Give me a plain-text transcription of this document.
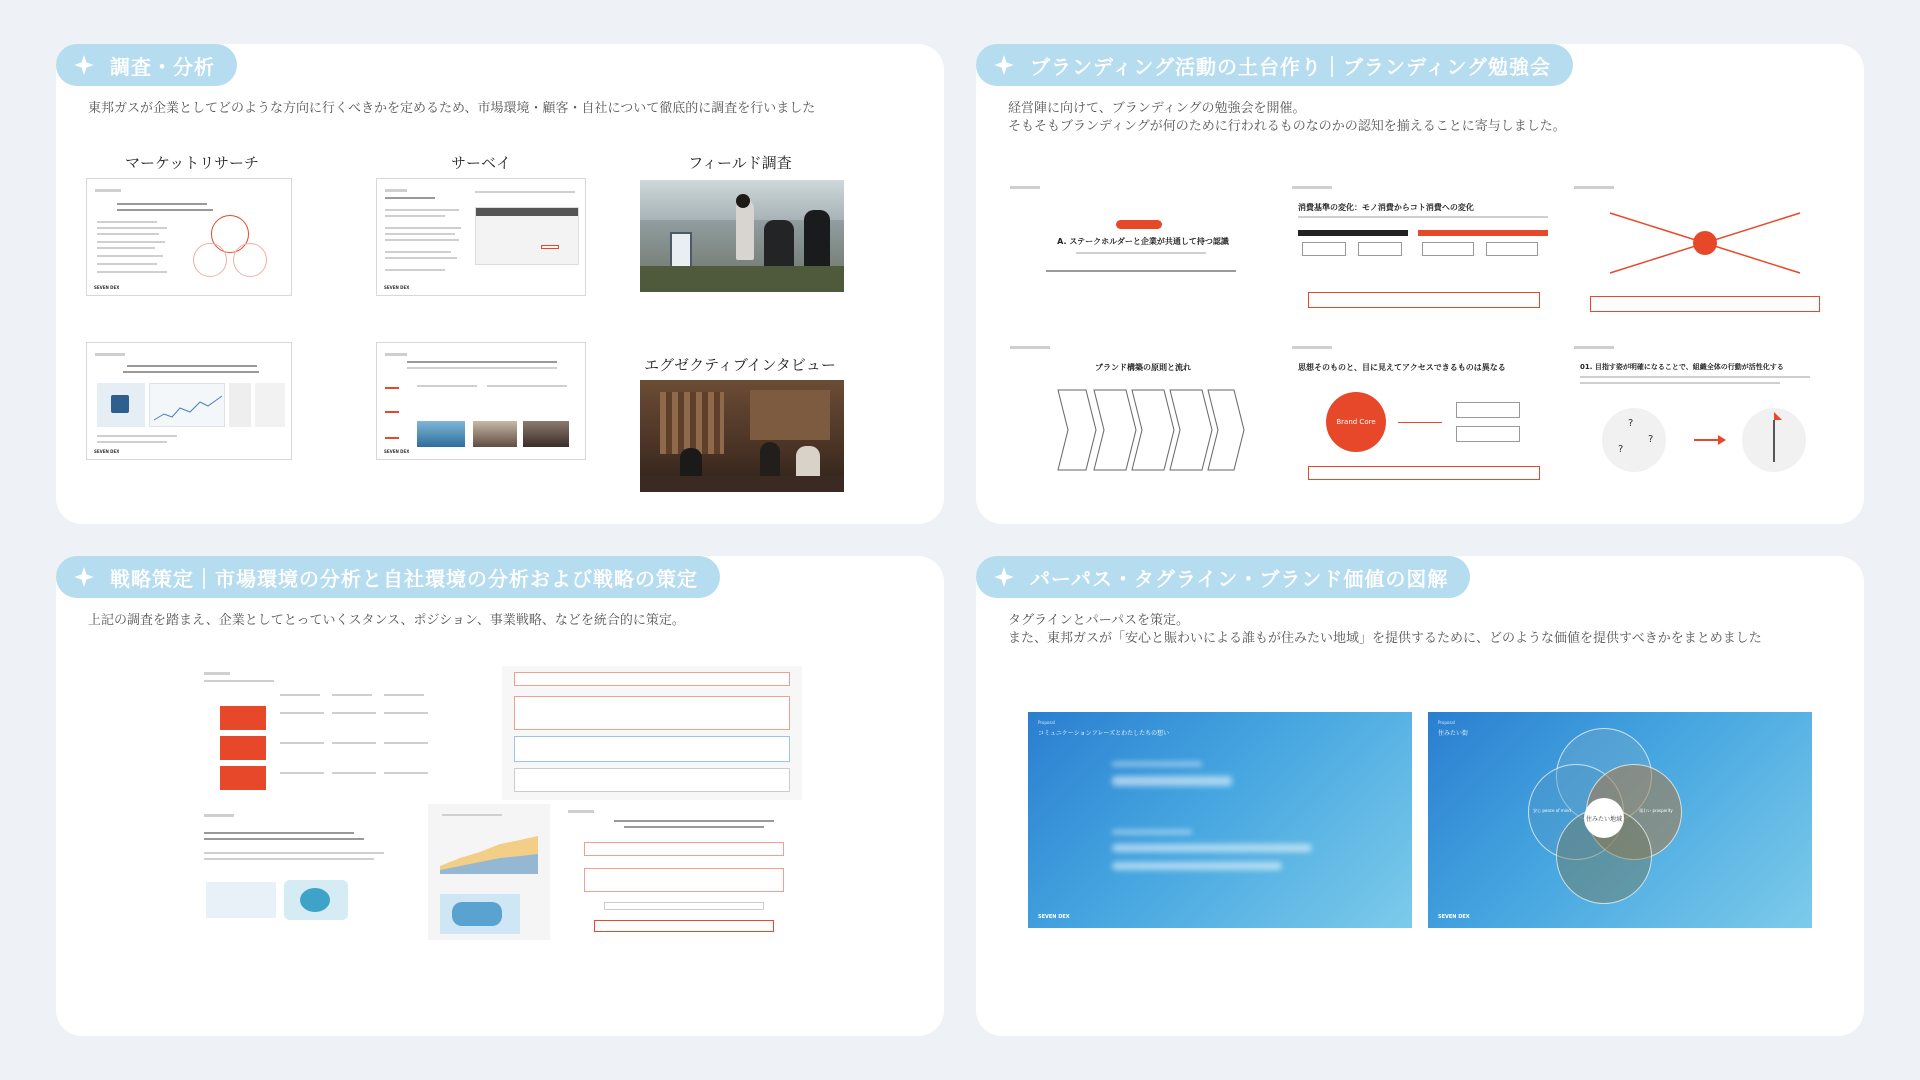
調査・分析
東邦ガスが企業としてどのような方向に行くべきかを定めるため、市場環境・顧客・自社について徹底的に調査を行いました
マーケットリサーチ	サーベイ	フィールド調査
エグゼクティブインタビュー
SEVEN DEX
SEVEN DEX
SEVEN DEX
SEVEN DEX
ブランディング活動の土台作り｜ブランディング勉強会
経営陣に向けて、ブランディングの勉強会を開催。
そもそもブランディングが何のために行われるものなのかの認知を揃えることに寄与しました。
A. ステークホルダーと企業が共通して持つ認識
消費基準の変化：モノ消費からコト消費への変化
ブランド構築の原則と流れ	思想そのものと、目に見えてアクセスできるものは異なる
Brand Core
01. 目指す姿が明確になることで、組織全体の行動が活性化する
?
?
?
戦略策定｜市場環境の分析と自社環境の分析および戦略の策定
上記の調査を踏まえ、企業としてとっていくスタンス、ポジション、事業戦略、などを統合的に策定。
パーパス・タグライン・ブランド価値の図解
タグラインとパーパスを策定。
また、東邦ガスが「安心と賑わいによる誰もが住みたい地域」を提供するために、どのような価値を提供すべきかをまとめました
Proposal
コミュニケーションフレーズとわたしたちの想い
SEVEN DEX
Proposal
住みたい街
住みたい地域
安心 peace of mind	賑わい prosperity
SEVEN DEX
